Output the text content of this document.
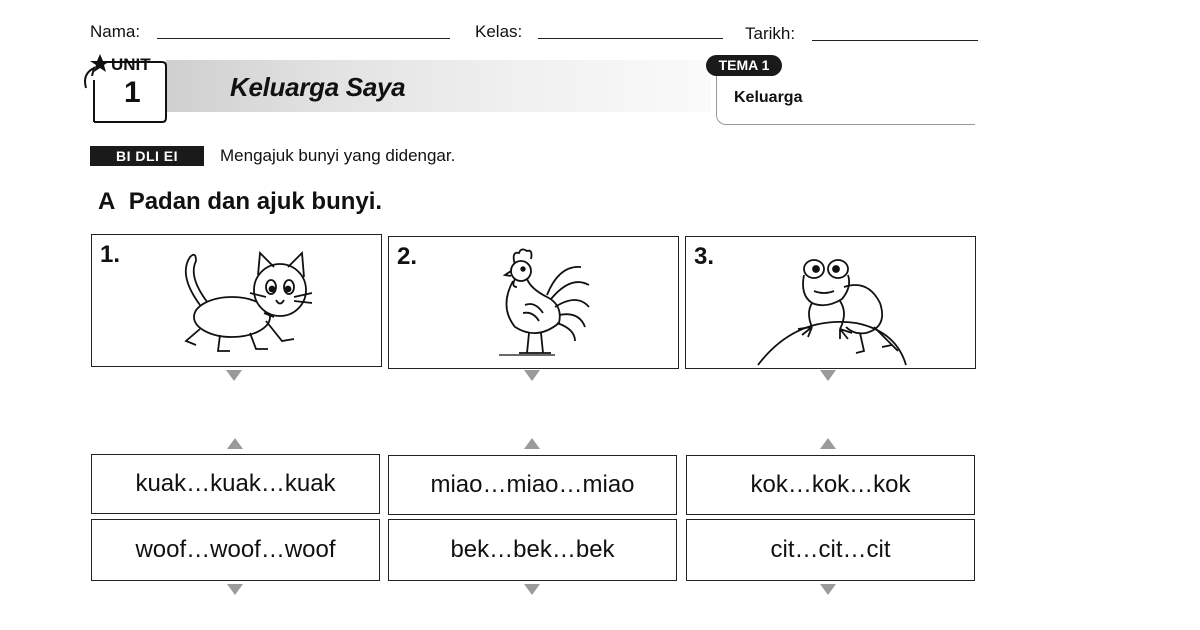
Nama:	Kelas:	Tarikh:
UNIT
1	Keluarga Saya
TEMA 1
Keluarga
BI DLI EI	Mengajuk bunyi yang didengar.
A Padan dan ajuk bunyi.
1.	2.	3.
kuak…kuak…kuak	miao…miao…miao	kok…kok…kok
woof…woof…woof	bek…bek…bek	cit…cit…cit
